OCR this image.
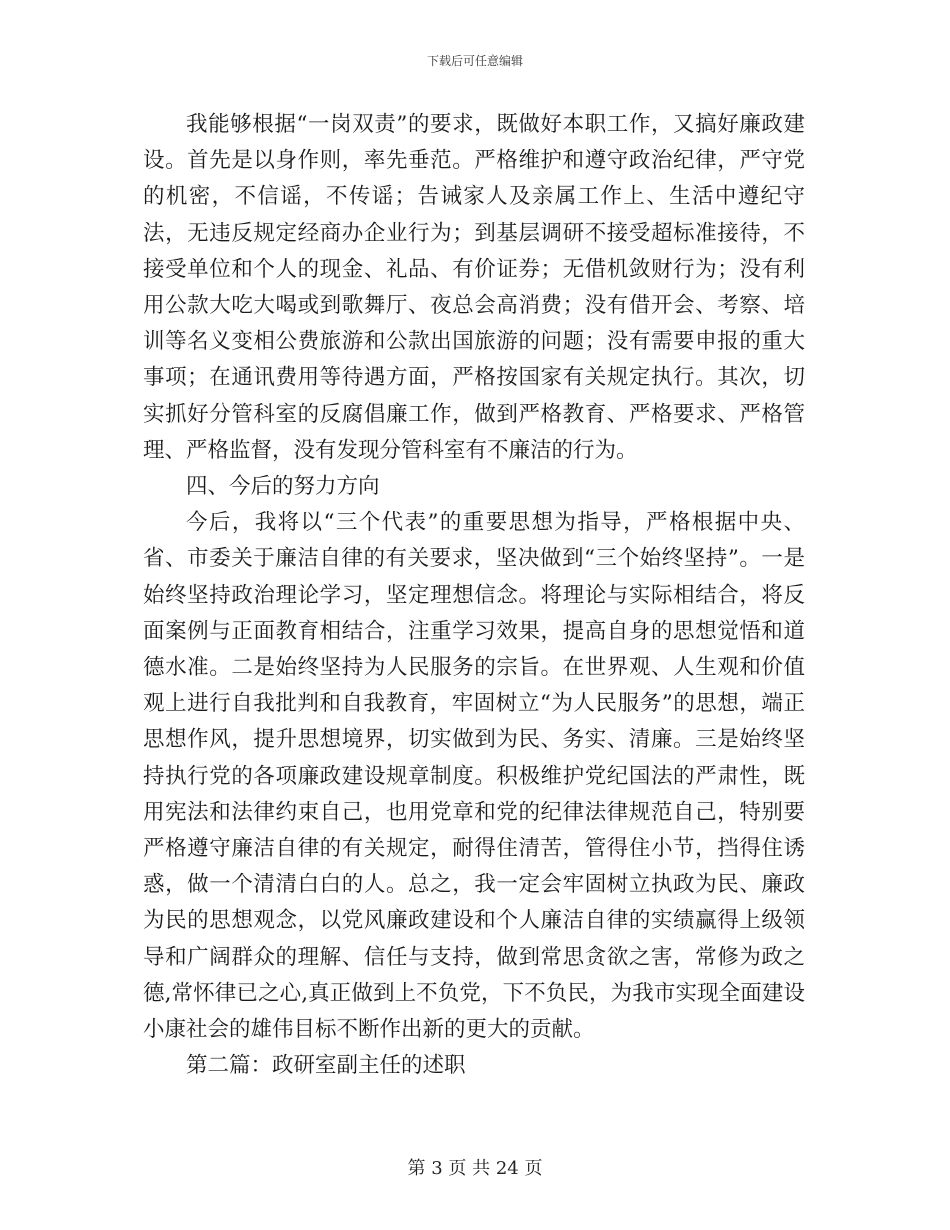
下载后可任意编辑

我能够根据“一岗双责”的要求，既做好本职工作，又搞好廉政建设。首先是以身作则，率先垂范。严格维护和遵守政治纪律，严守党的机密，不信谣，不传谣；告诫家人及亲属工作上、生活中遵纪守法，无违反规定经商办企业行为；到基层调研不接受超标准接待，不接受单位和个人的现金、礼品、有价证券；无借机敛财行为；没有利用公款大吃大喝或到歌舞厅、夜总会高消费；没有借开会、考察、培训等名义变相公费旅游和公款出国旅游的问题；没有需要申报的重大事项；在通讯费用等待遇方面，严格按国家有关规定执行。其次，切实抓好分管科室的反腐倡廉工作，做到严格教育、严格要求、严格管理、严格监督，没有发现分管科室有不廉洁的行为。

四、今后的努力方向

今后，我将以“三个代表”的重要思想为指导，严格根据中央、省、市委关于廉洁自律的有关要求，坚决做到“三个始终坚持”。一是始终坚持政治理论学习，坚定理想信念。将理论与实际相结合，将反面案例与正面教育相结合，注重学习效果，提高自身的思想觉悟和道德水准。二是始终坚持为人民服务的宗旨。在世界观、人生观和价值观上进行自我批判和自我教育，牢固树立“为人民服务”的思想，端正思想作风，提升思想境界，切实做到为民、务实、清廉。三是始终坚持执行党的各项廉政建设规章制度。积极维护党纪国法的严肃性，既用宪法和法律约束自己，也用党章和党的纪律法律规范自己，特别要严格遵守廉洁自律的有关规定，耐得住清苦，管得住小节，挡得住诱惑，做一个清清白白的人。总之，我一定会牢固树立执政为民、廉政为民的思想观念，以党风廉政建设和个人廉洁自律的实绩赢得上级领导和广阔群众的理解、信任与支持，做到常思贪欲之害，常修为政之德,常怀律已之心,真正做到上不负党，下不负民，为我市实现全面建设小康社会的雄伟目标不断作出新的更大的贡献。

第二篇：政研室副主任的述职

第 3 页 共 24 页
